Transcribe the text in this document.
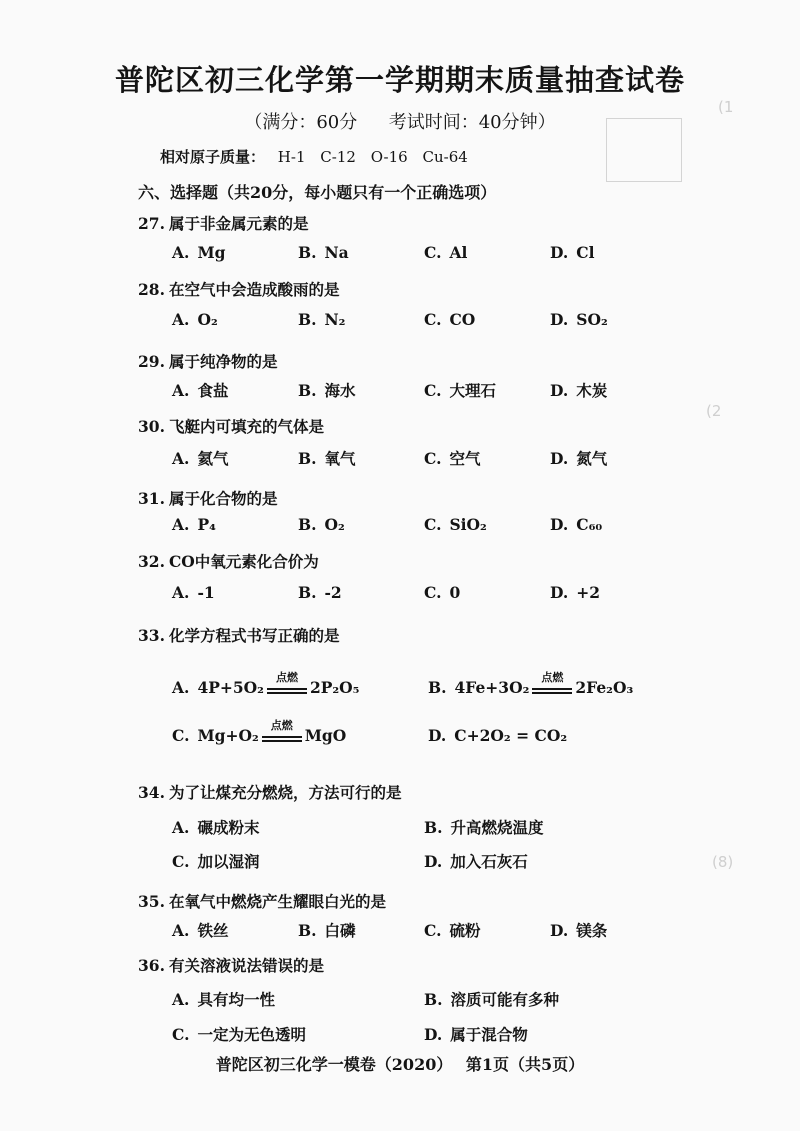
(1
(2
(8)
普陀区初三化学第一学期期末质量抽查试卷
（满分：60分 考试时间：40分钟）
相对原子质量： H-1 C-12 O-16 Cu-64
六、选择题（共20分，每小题只有一个正确选项）
27. 属于非金属元素的是
A. Mg	B. Na	C. Al	D. Cl
28. 在空气中会造成酸雨的是
A. O₂	B. N₂	C. CO	D. SO₂
29. 属于纯净物的是
A. 食盐	B. 海水	C. 大理石	D. 木炭
30. 飞艇内可填充的气体是
A. 氦气	B. 氧气	C. 空气	D. 氮气
31. 属于化合物的是
A. P₄	B. O₂	C. SiO₂	D. C₆₀
32. CO中氧元素化合价为
A. -1	B. -2	C. 0	D. +2
33. 化学方程式书写正确的是
A. 4P+5O₂
点燃
2P₂O₅	B. 4Fe+3O₂
点燃
2Fe₂O₃
C. Mg+O₂
点燃
MgO	D. C+2O₂ = CO₂
34. 为了让煤充分燃烧，方法可行的是
A. 碾成粉末	B. 升高燃烧温度
C. 加以湿润	D. 加入石灰石
35. 在氧气中燃烧产生耀眼白光的是
A. 铁丝	B. 白磷	C. 硫粉	D. 镁条
36. 有关溶液说法错误的是
A. 具有均一性	B. 溶质可能有多种
C. 一定为无色透明	D. 属于混合物
普陀区初三化学一模卷（2020） 第1页（共5页）
